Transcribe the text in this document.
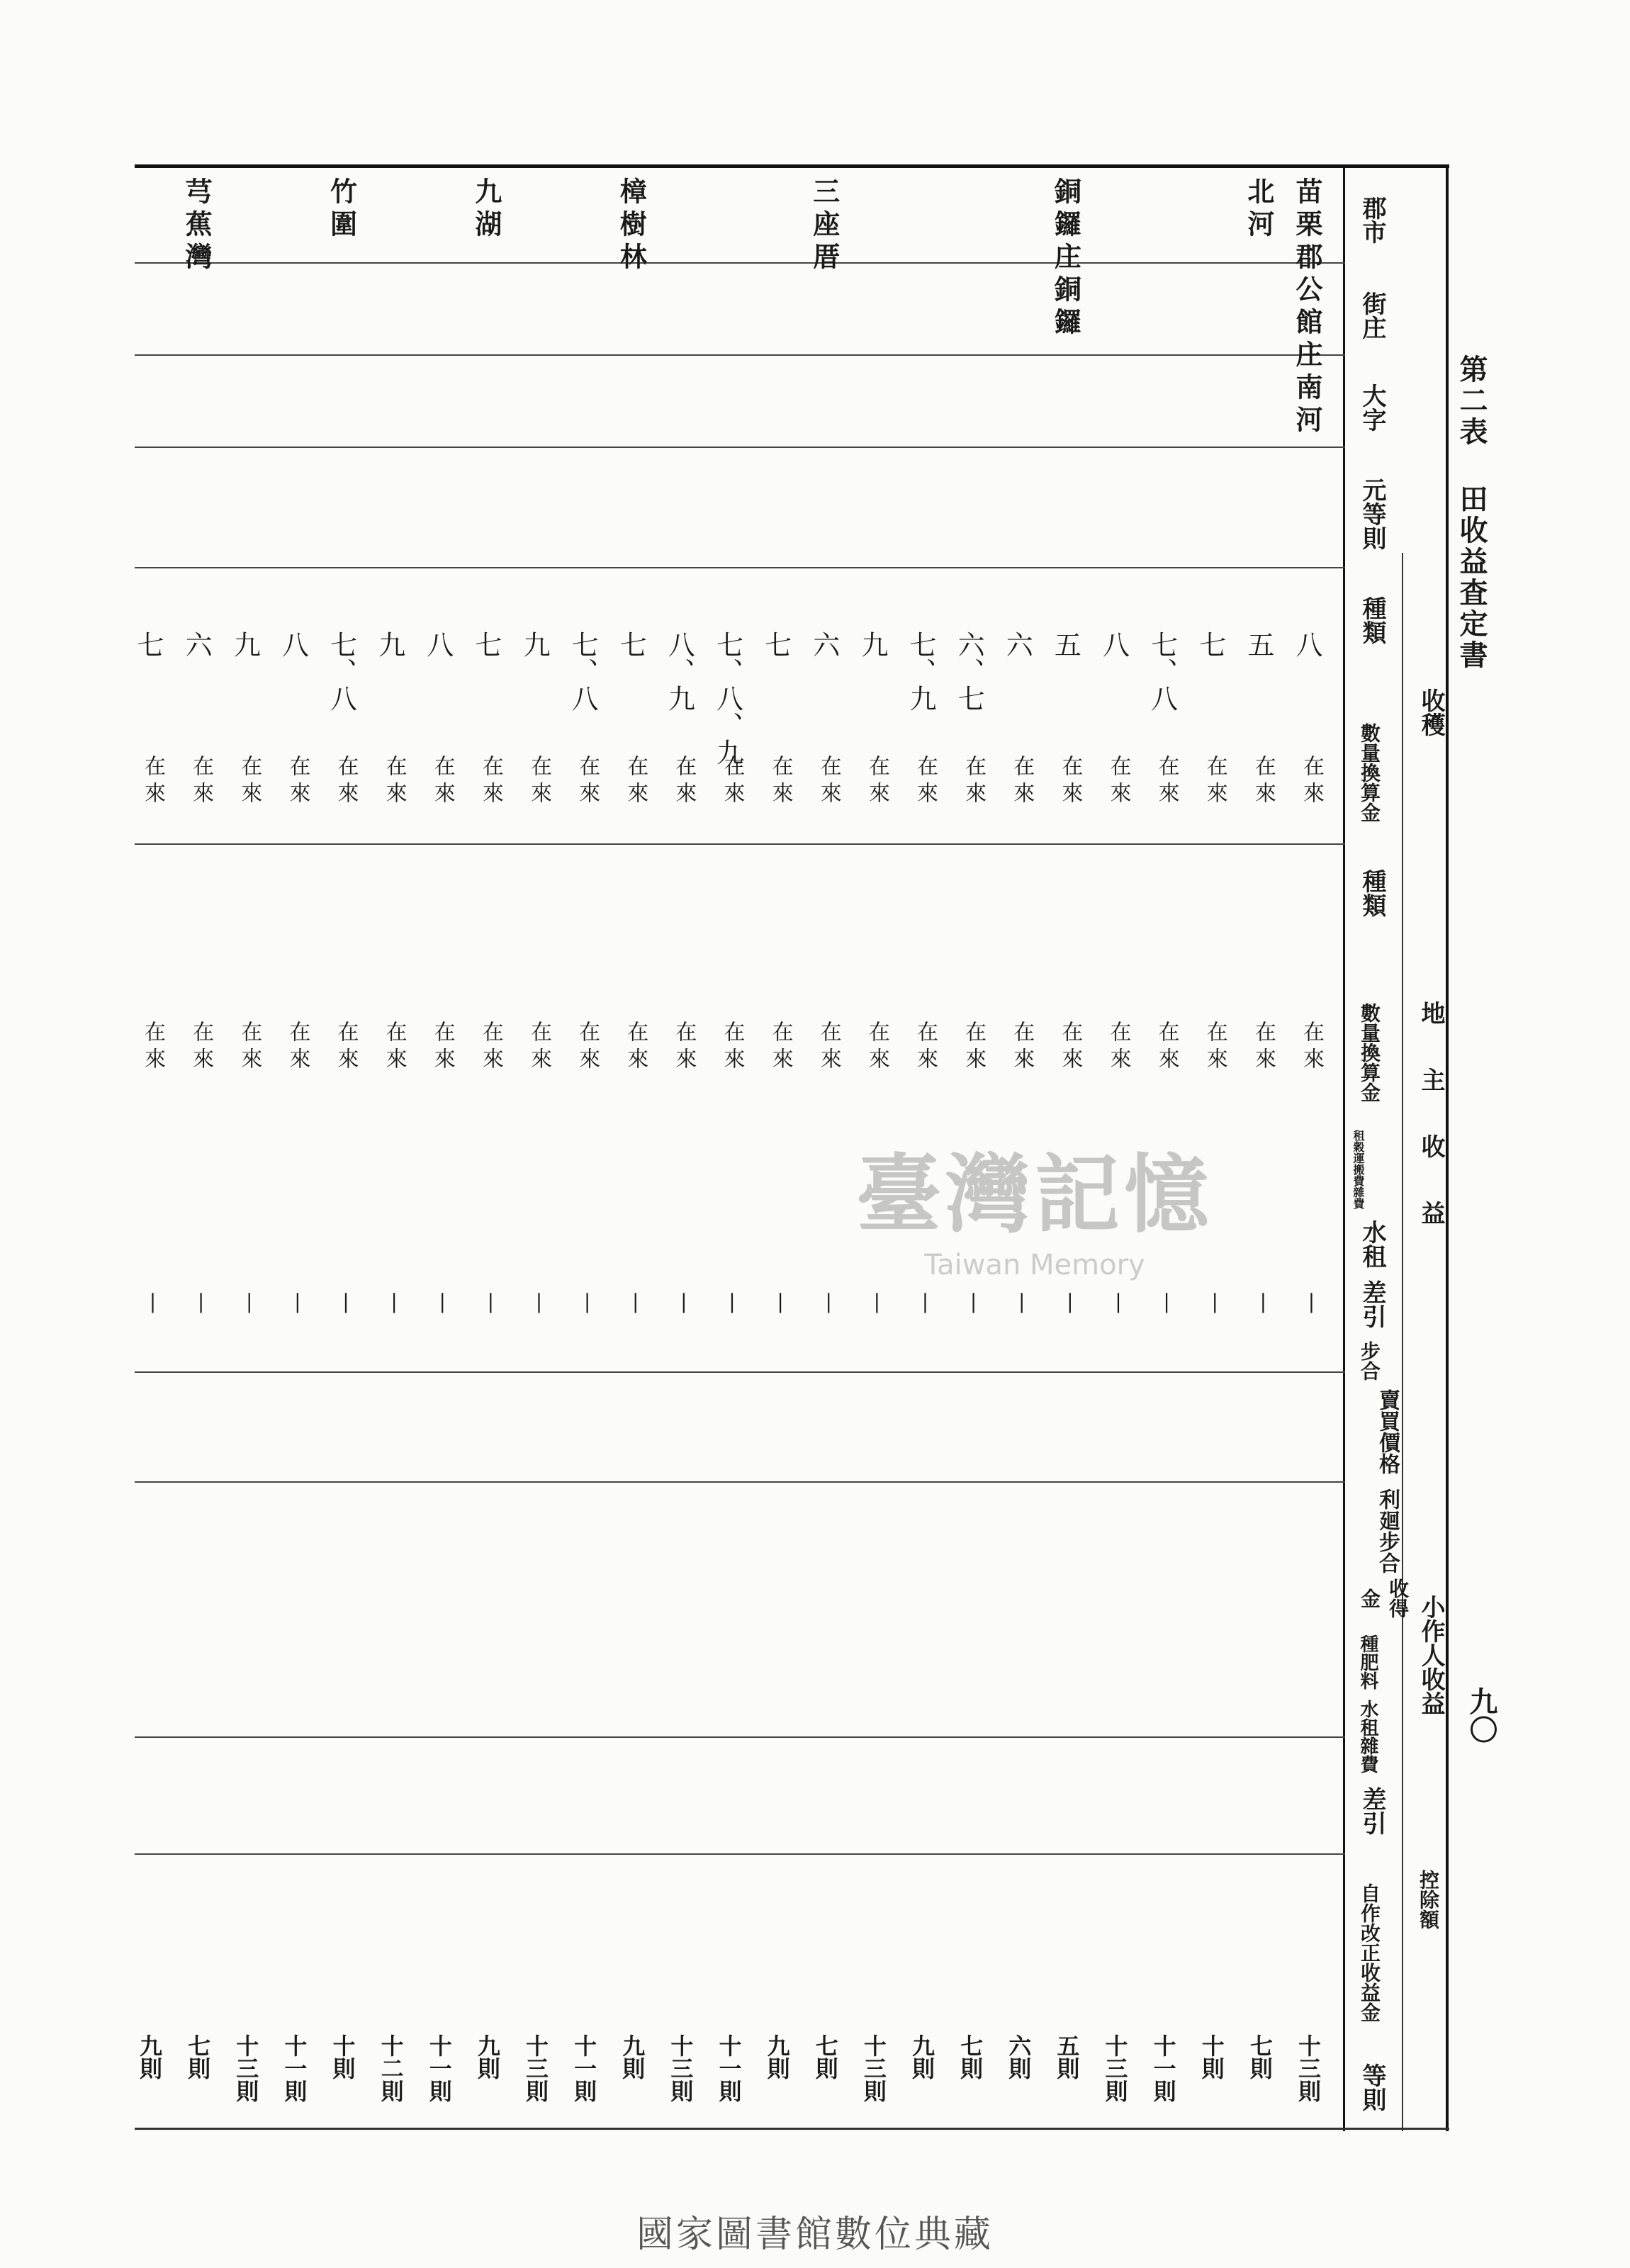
郡市
街庄
大字
元等則
收穫
種類
數量換算金
地主收益
種類
數量換算金
租穀運搬費雜費
水租
差引
步合
賣買價格
利廻步合
小作人收益
收得金
種肥料
水租雜費
差引
控除額
自作改正收益金
等則
第二表 田收益査定書
九〇
苗栗郡公館庄南河
八
在來
在來
|
十三則
北河
五
在來
在來
|
七則
七
在來
在來
|
十則
七、八
在來
在來
|
十一則
八
在來
在來
|
十三則
銅鑼庄銅鑼
五
在來
在來
|
五則
六
在來
在來
|
六則
六、七
在來
在來
|
七則
七、九
在來
在來
|
九則
九
在來
在來
|
十三則
三座厝
六
在來
在來
|
七則
七
在來
在來
|
九則
七、八、九
在來
在來
|
十一則
八、九
在來
在來
|
十三則
樟樹林
七
在來
在來
|
九則
七、八
在來
在來
|
十一則
九
在來
在來
|
十三則
九湖
七
在來
在來
|
九則
八
在來
在來
|
十一則
九
在來
在來
|
十二則
竹圍
七、八
在來
在來
|
十則
八
在來
在來
|
十一則
九
在來
在來
|
十三則
芎蕉灣
六
在來
在來
|
七則
七
在來
在來
|
九則
臺灣記憶
Taiwan Memory
國家圖書館數位典藏
